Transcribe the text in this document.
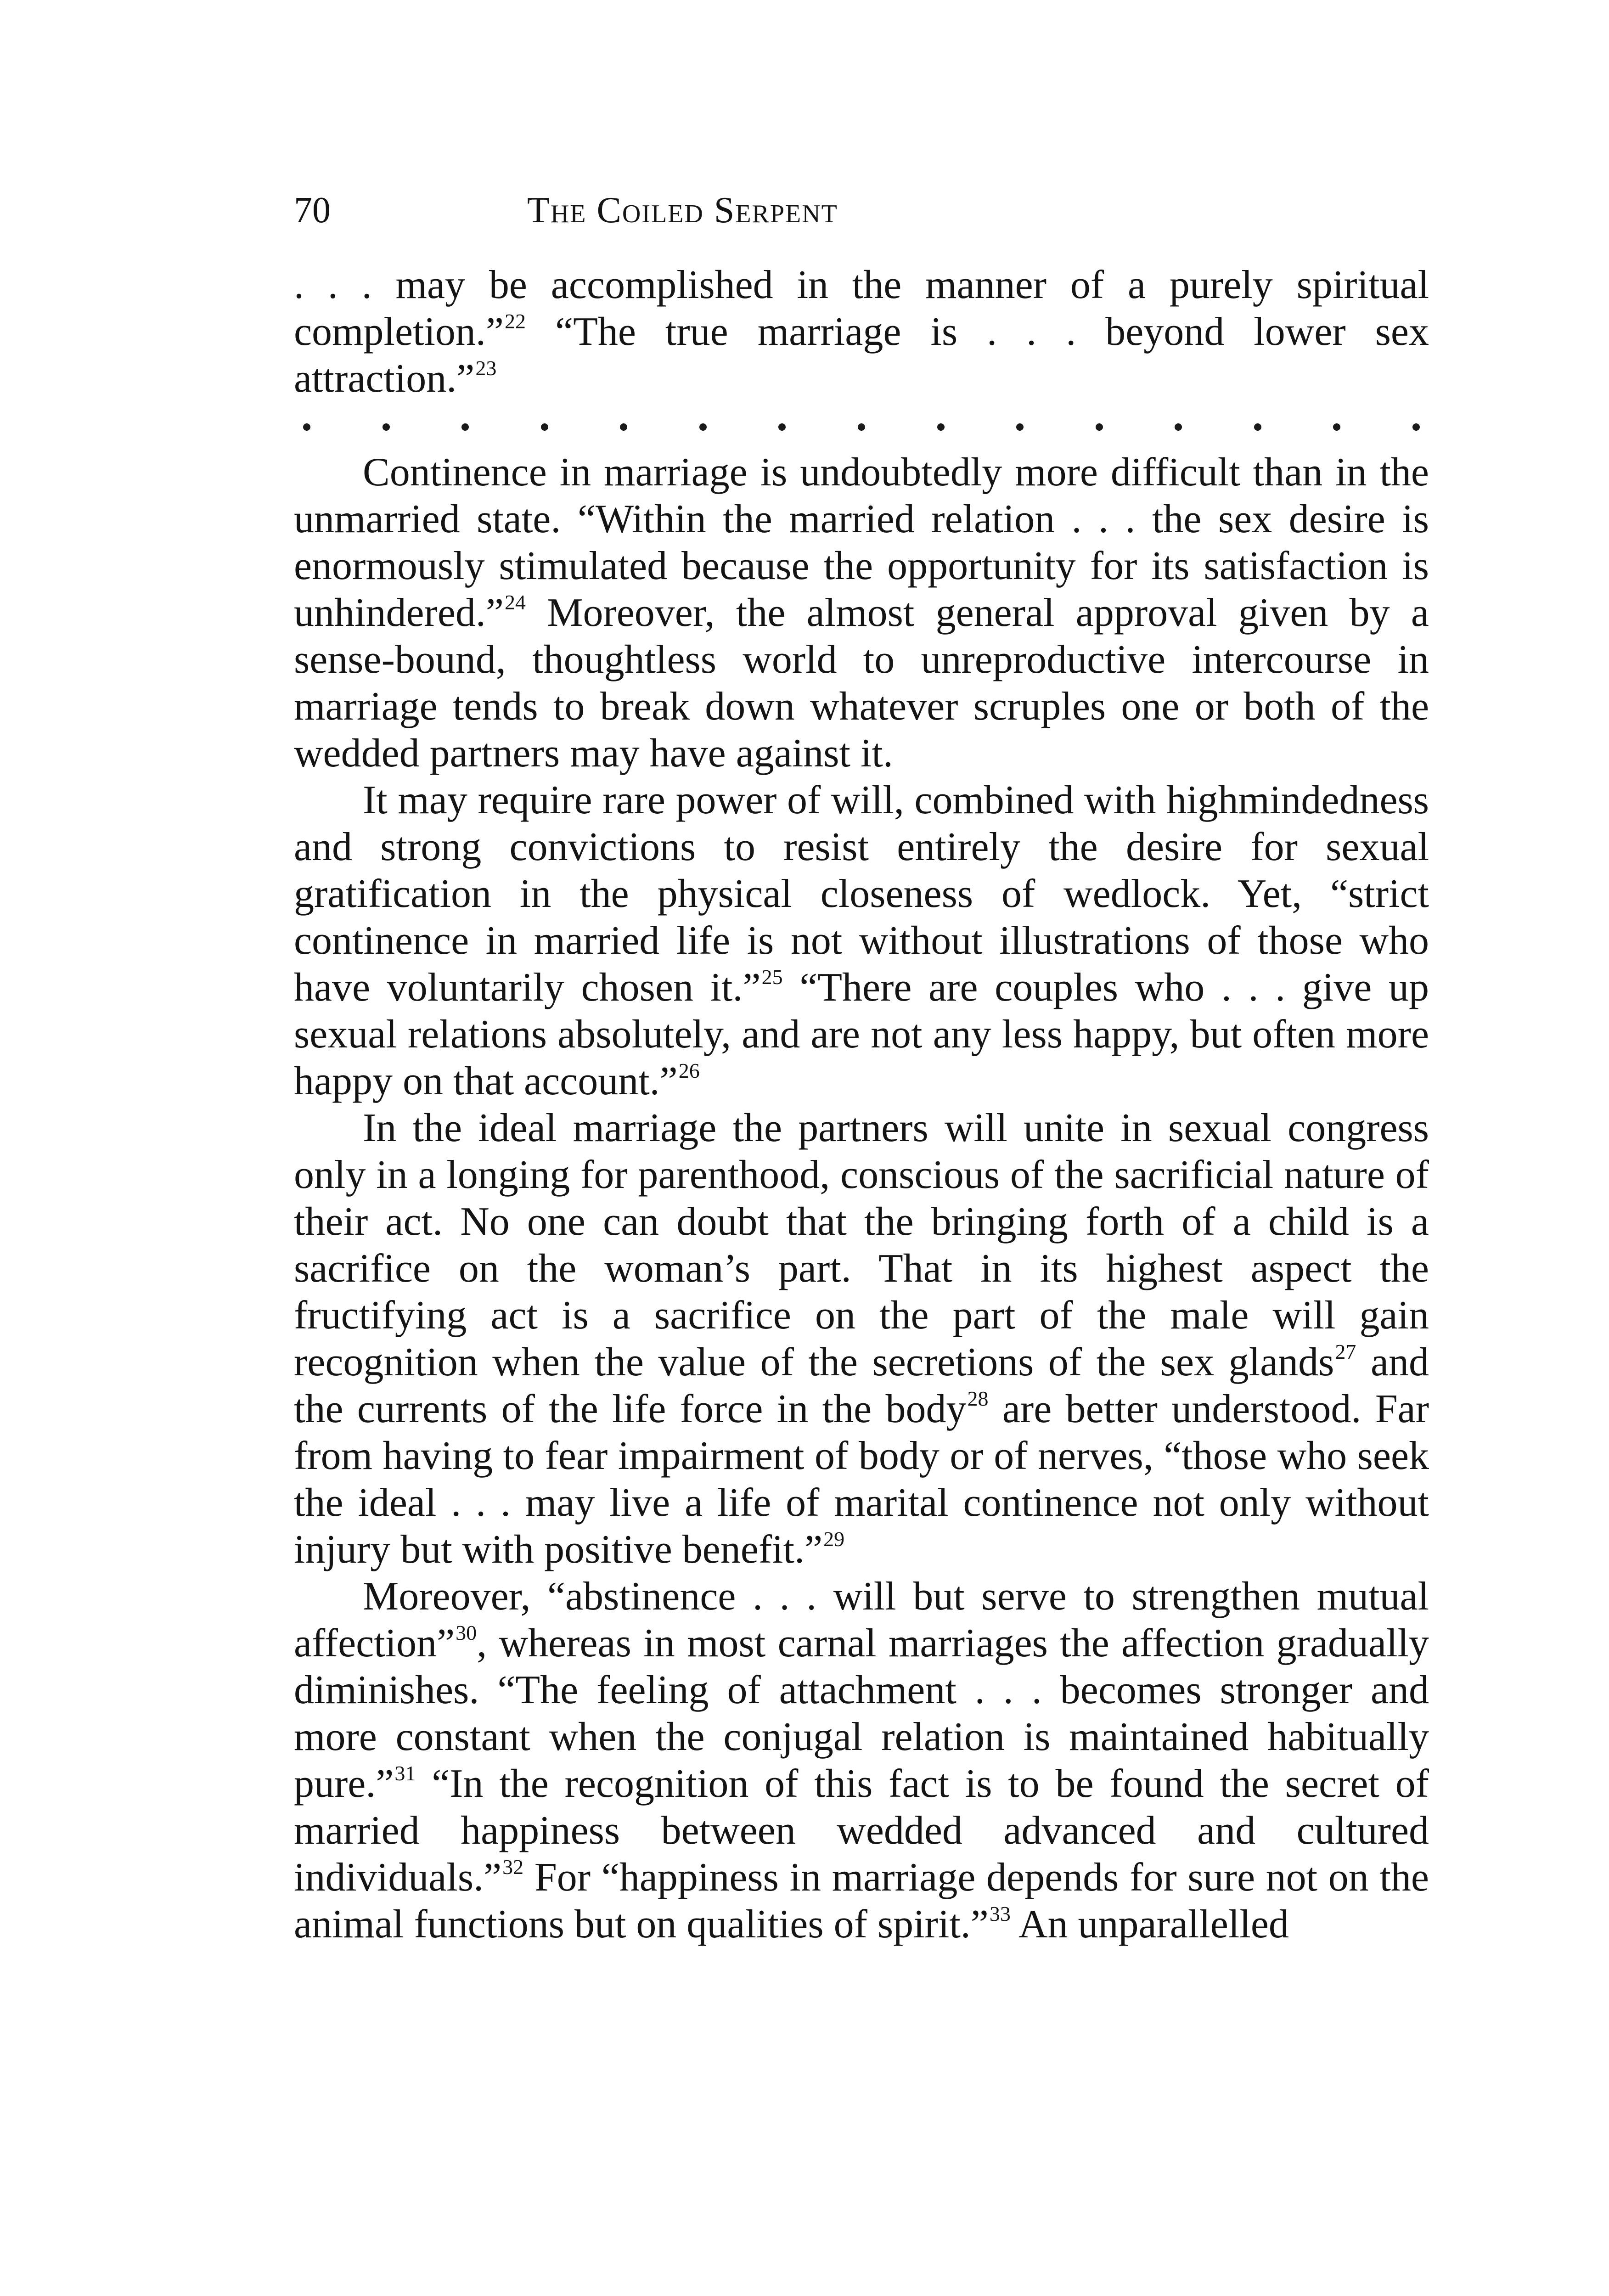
70	The Coiled Serpent

. . . may be accomplished in the manner of a purely spiritual completion.”$^{22}$ “The true marriage is . . . beyond lower sex attraction.”$^{23}$

Continence in marriage is undoubtedly more difficult than in the unmarried state. “Within the married relation . . . the sex desire is enormously stimulated because the opportunity for its satisfaction is unhindered.”$^{24}$ Moreover, the almost general approval given by a sense-bound, thoughtless world to unreproductive intercourse in marriage tends to break down whatever scruples one or both of the wedded partners may have against it.

It may require rare power of will, combined with highmindedness and strong convictions to resist entirely the desire for sexual gratification in the physical closeness of wedlock. Yet, “strict continence in married life is not without illustrations of those who have voluntarily chosen it.”$^{25}$ “There are couples who . . . give up sexual relations absolutely, and are not any less happy, but often more happy on that account.”$^{26}$

In the ideal marriage the partners will unite in sexual congress only in a longing for parenthood, conscious of the sacrificial nature of their act. No one can doubt that the bringing forth of a child is a sacrifice on the woman’s part. That in its highest aspect the fructifying act is a sacrifice on the part of the male will gain recognition when the value of the secretions of the sex glands$^{27}$ and the currents of the life force in the body$^{28}$ are better understood. Far from having to fear impairment of body or of nerves, “those who seek the ideal . . . may live a life of marital continence not only without injury but with positive benefit.”$^{29}$

Moreover, “abstinence . . . will but serve to strengthen mutual affection”$^{30}$, whereas in most carnal marriages the affection gradually diminishes. “The feeling of attachment . . . becomes stronger and more constant when the conjugal relation is maintained habitually pure.”$^{31}$ “In the recognition of this fact is to be found the secret of married happiness between wedded advanced and cultured individuals.”$^{32}$ For “happiness in marriage depends for sure not on the animal functions but on qualities of spirit.”$^{33}$ An unparallelled
